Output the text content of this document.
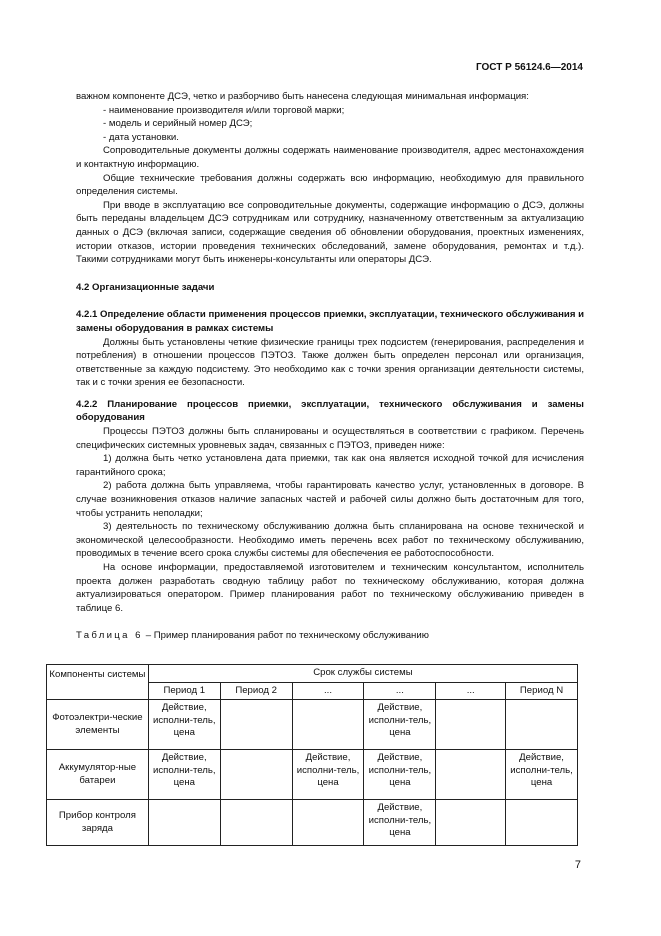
ГОСТ Р 56124.6—2014

важном компоненте ДСЭ, четко и разборчиво быть нанесена следующая минимальная информация:

- наименование производителя и/или торговой марки;

- модель и серийный номер ДСЭ;

- дата установки.

Сопроводительные документы должны содержать наименование производителя, адрес местонахождения и контактную информацию.

Общие технические требования должны содержать всю информацию, необходимую для правильного определения системы.

При вводе в эксплуатацию все сопроводительные документы, содержащие информацию о ДСЭ, должны быть переданы владельцем ДСЭ сотрудникам или сотруднику, назначенному ответственным за актуализацию данных о ДСЭ (включая записи, содержащие сведения об обновлении оборудования, проектных изменениях, истории отказов, истории проведения технических обследований, замене оборудования, ремонтах и т.д.). Такими сотрудниками могут быть инженеры-консультанты или операторы ДСЭ.

4.2 Организационные задачи

4.2.1 Определение области применения процессов приемки, эксплуатации, технического обслуживания и замены оборудования в рамках системы

Должны быть установлены четкие физические границы трех подсистем (генерирования, распределения и потребления) в отношении процессов ПЭТОЗ. Также должен быть определен персонал или организация, ответственные за каждую подсистему. Это необходимо как с точки зрения организации деятельности системы, так и с точки зрения ее безопасности.

4.2.2 Планирование процессов приемки, эксплуатации, технического обслуживания и замены оборудования

Процессы ПЭТОЗ должны быть спланированы и осуществляться в соответствии с графиком. Перечень специфических системных уровневых задач, связанных с ПЭТОЗ, приведен ниже:

1) должна быть четко установлена дата приемки, так как она является исходной точкой для исчисления гарантийного срока;

2) работа должна быть управляема, чтобы гарантировать качество услуг, установленных в договоре. В случае возникновения отказов наличие запасных частей и рабочей силы должно быть достаточным для того, чтобы устранить неполадки;

3) деятельность по техническому обслуживанию должна быть спланирована на основе технической и экономической целесообразности. Необходимо иметь перечень всех работ по техническому обслуживанию, проводимых в течение всего срока службы системы для обеспечения ее работоспособности.

На основе информации, предоставляемой изготовителем и техническим консультантом, исполнитель проекта должен разработать сводную таблицу работ по техническому обслуживанию, которая должна актуализироваться оператором. Пример планирования работ по техническому обслуживанию приведен в таблице 6.

Таблица 6 – Пример планирования работ по техническому обслуживанию
Компоненты системы	Срок службы системы					
	Период 1	Период 2	...	...	...	Период N
Фотоэлектри-ческие элементы	Действие, исполни-тель, цена			Действие, исполни-тель, цена		
Аккумулятор-ные батареи	Действие, исполни-тель, цена		Действие, исполни-тель, цена	Действие, исполни-тель, цена		Действие, исполни-тель, цена
Прибор контроля заряда				Действие, исполни-тель, цена		
7
